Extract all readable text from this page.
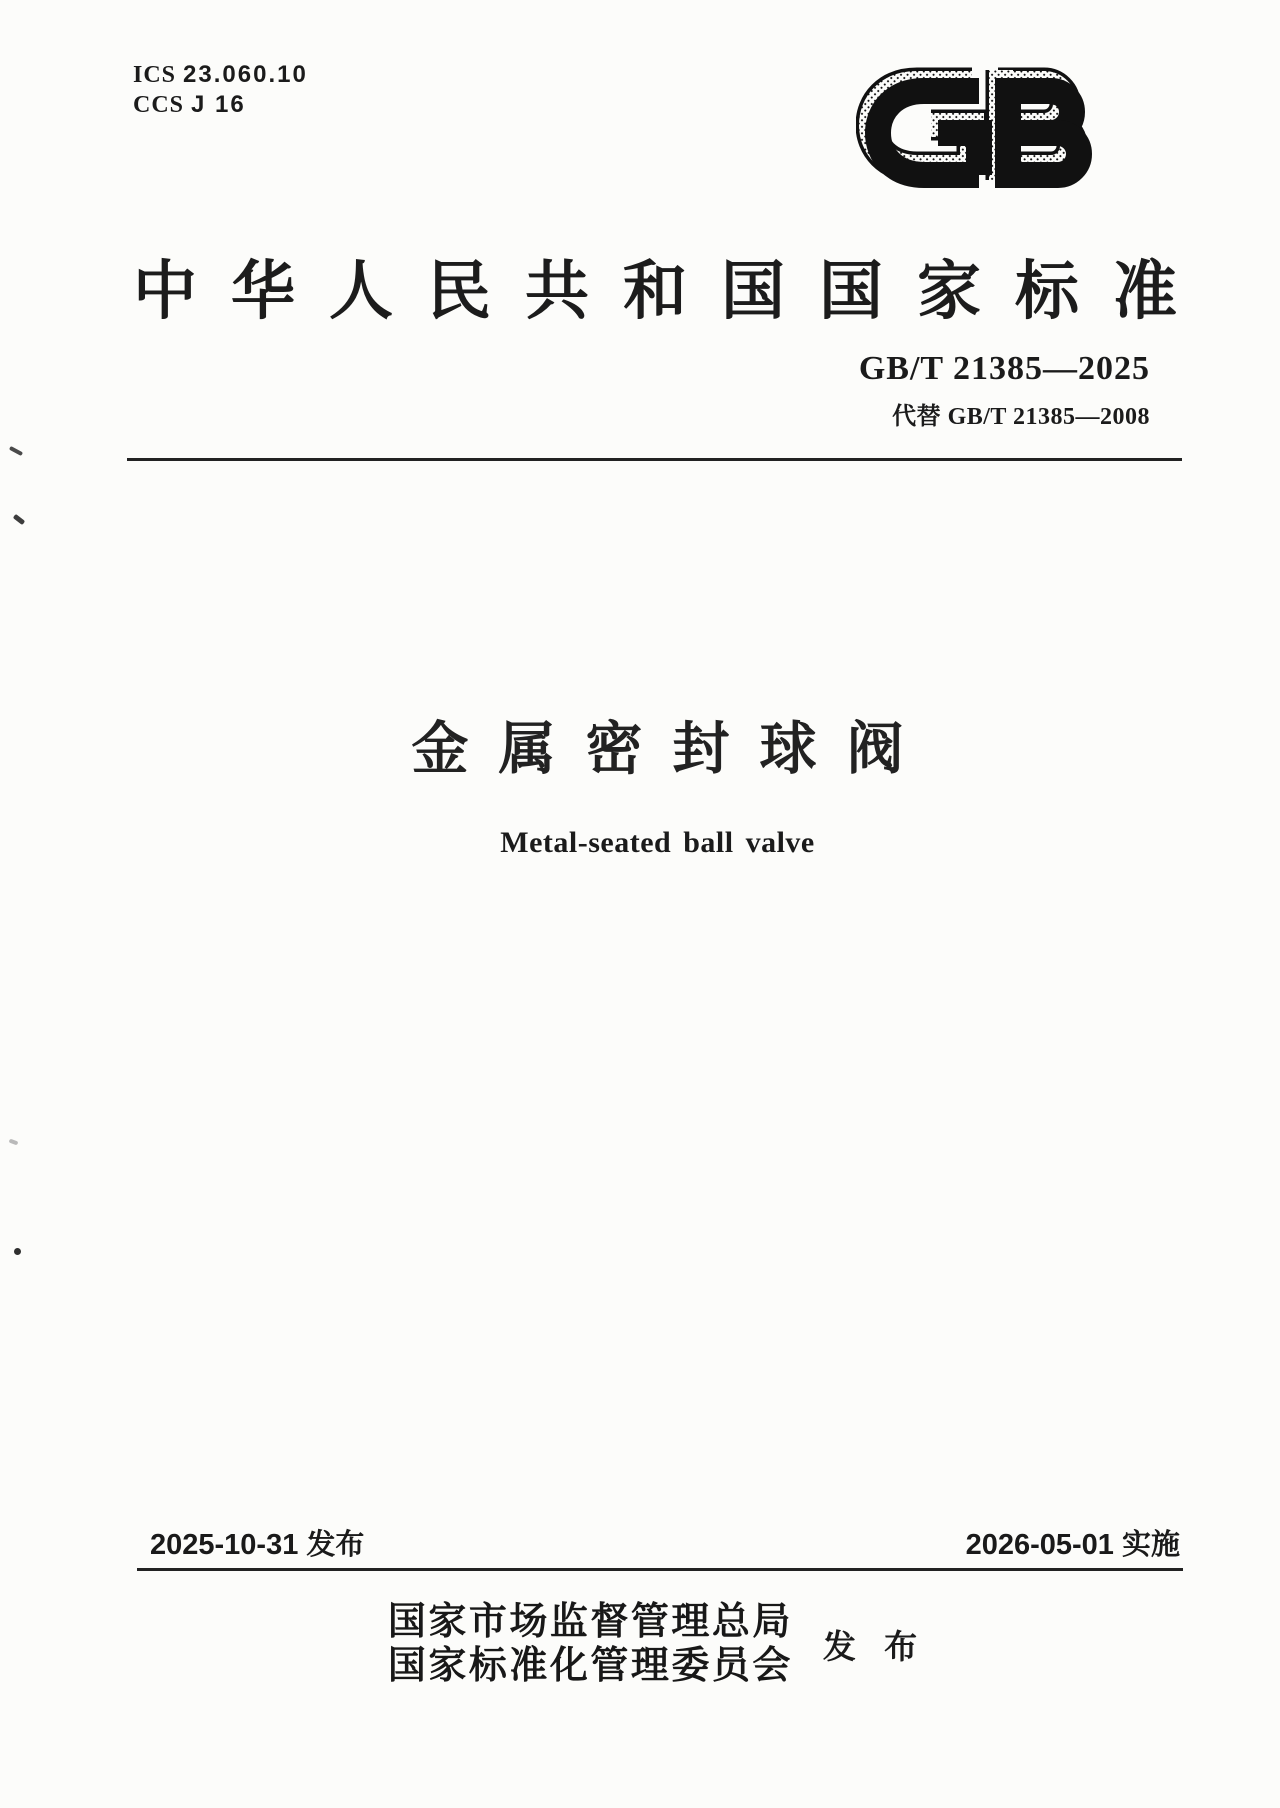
ICS 23.060.10
CCS J 16
中华人民共和国国家标准
GB/T 21385—2025
代替 GB/T 21385—2008
金属密封球阀
Metal-seated ball valve
2025-10-31 发布	2026-05-01 实施
国家市场监督管理总局
国家标准化管理委员会 发 布
